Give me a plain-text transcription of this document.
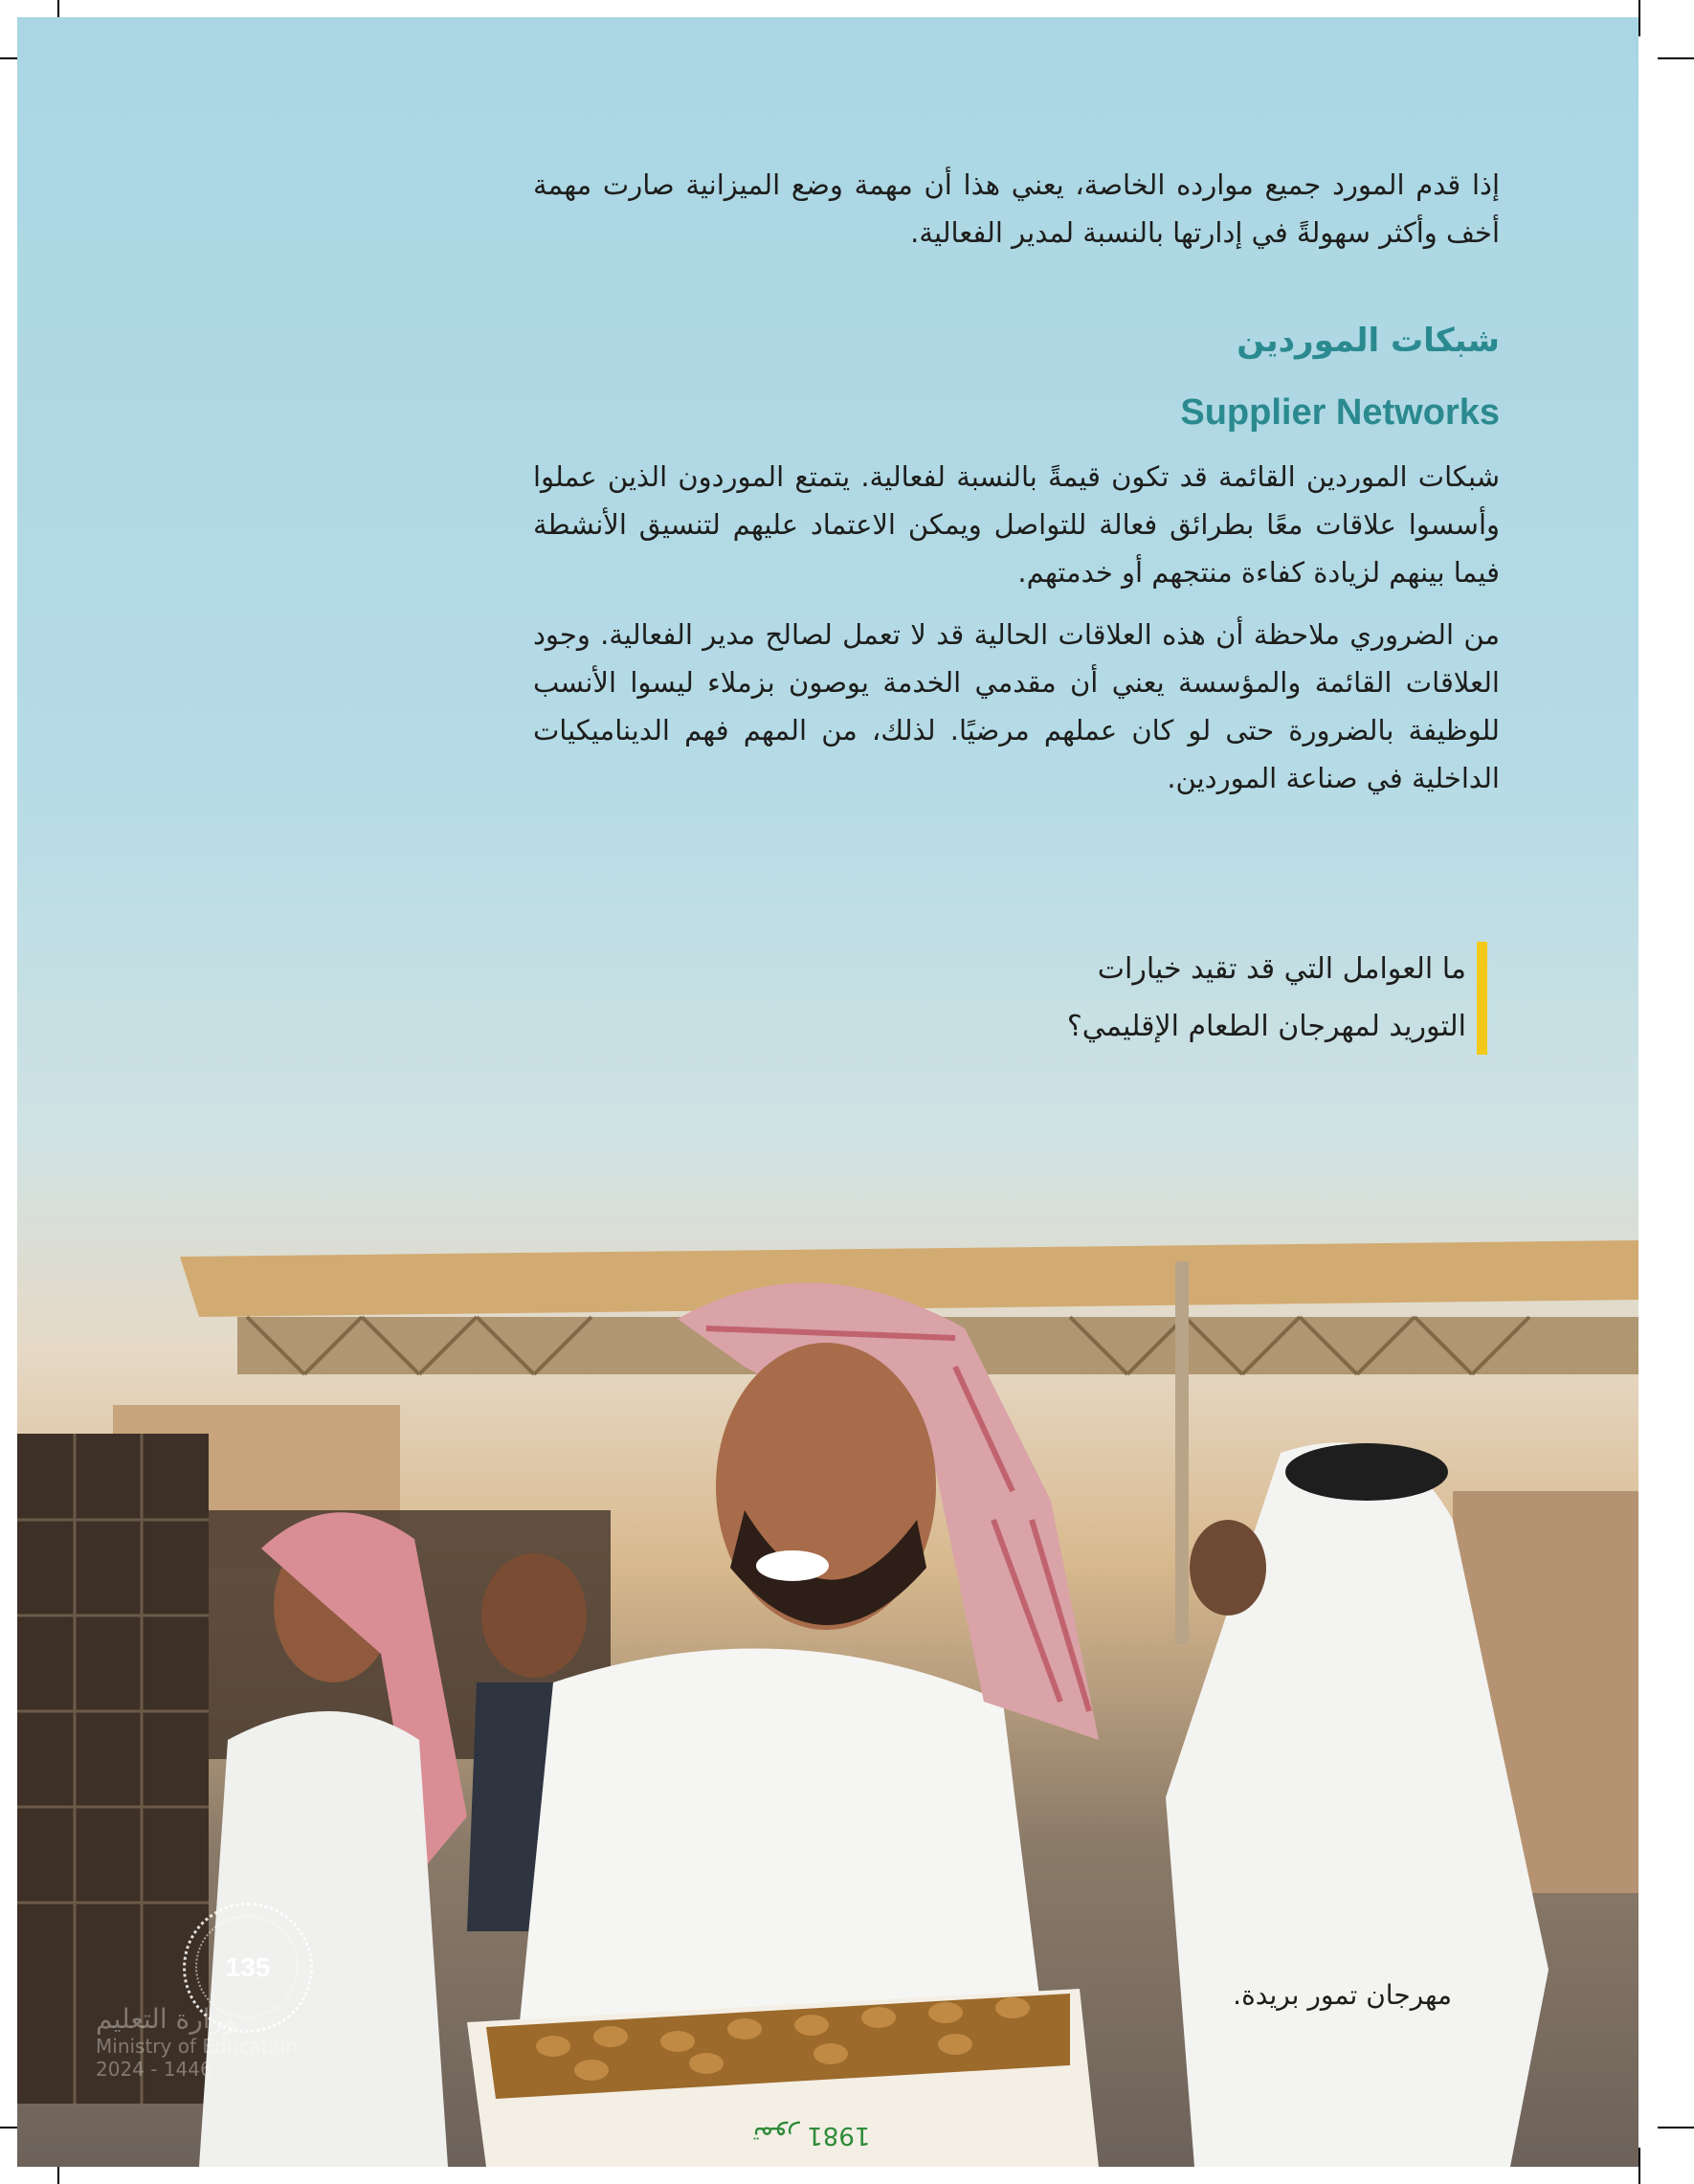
تمور 1981
إذا قدم المورد جميع موارده الخاصة، يعني هذا أن مهمة وضع الميزانية صارت مهمة أخف وأكثر سهولةً في إدارتها بالنسبة لمدير الفعالية.
شبكات الموردين
Supplier Networks
شبكات الموردين القائمة قد تكون قيمةً بالنسبة لفعالية. يتمتع الموردون الذين عملوا وأسسوا علاقات معًا بطرائق فعالة للتواصل ويمكن الاعتماد عليهم لتنسيق الأنشطة فيما بينهم لزيادة كفاءة منتجهم أو خدمتهم.
من الضروري ملاحظة أن هذه العلاقات الحالية قد لا تعمل لصالح مدير الفعالية. وجود العلاقات القائمة والمؤسسة يعني أن مقدمي الخدمة يوصون بزملاء ليسوا الأنسب للوظيفة بالضرورة حتى لو كان عملهم مرضيًا. لذلك، من المهم فهم الديناميكيات الداخلية في صناعة الموردين.
ما العوامل التي قد تقيد خيارات
التوريد لمهرجان الطعام الإقليمي؟
مهرجان تمور بريدة.
135
وزارة التعليم
Ministry of Education
2024 - 1446
